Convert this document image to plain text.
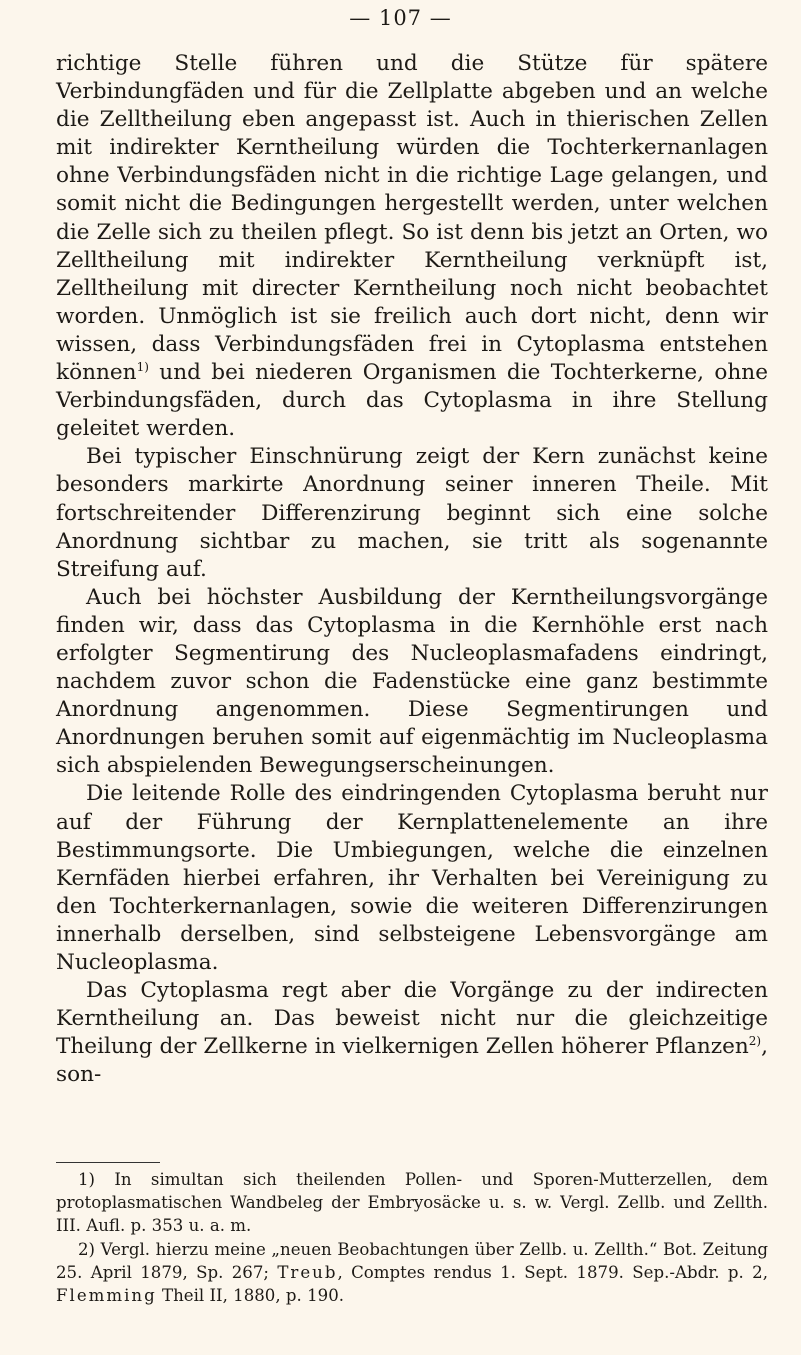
— 107 —

richtige Stelle führen und die Stütze für spätere Verbindungfäden und für die Zellplatte abgeben und an welche die Zelltheilung eben angepasst ist. Auch in thierischen Zellen mit indirekter Kerntheilung würden die Tochterkernanlagen ohne Verbindungsfäden nicht in die richtige Lage gelangen, und somit nicht die Bedingungen hergestellt werden, unter welchen die Zelle sich zu theilen pflegt. So ist denn bis jetzt an Orten, wo Zelltheilung mit indirekter Kerntheilung verknüpft ist, Zelltheilung mit directer Kerntheilung noch nicht beobachtet worden. Unmöglich ist sie freilich auch dort nicht, denn wir wissen, dass Verbindungsfäden frei in Cytoplasma entstehen können$^{1)}$ und bei niederen Organismen die Tochterkerne, ohne Verbindungsfäden, durch das Cytoplasma in ihre Stellung geleitet werden.

Bei typischer Einschnürung zeigt der Kern zunächst keine besonders markirte Anordnung seiner inneren Theile. Mit fortschreitender Differenzirung beginnt sich eine solche Anordnung sichtbar zu machen, sie tritt als sogenannte Streifung auf.

Auch bei höchster Ausbildung der Kerntheilungsvorgänge finden wir, dass das Cytoplasma in die Kernhöhle erst nach erfolgter Segmentirung des Nucleoplasmafadens eindringt, nachdem zuvor schon die Fadenstücke eine ganz bestimmte Anordnung angenommen. Diese Segmentirungen und Anordnungen beruhen somit auf eigenmächtig im Nucleoplasma sich abspielenden Bewegungserscheinungen.

Die leitende Rolle des eindringenden Cytoplasma beruht nur auf der Führung der Kernplattenelemente an ihre Bestimmungsorte. Die Umbiegungen, welche die einzelnen Kernfäden hierbei erfahren, ihr Verhalten bei Vereinigung zu den Tochterkernanlagen, sowie die weiteren Differenzirungen innerhalb derselben, sind selbsteigene Lebensvorgänge am Nucleoplasma.

Das Cytoplasma regt aber die Vorgänge zu der indirecten Kerntheilung an. Das beweist nicht nur die gleichzeitige Theilung der Zellkerne in vielkernigen Zellen höherer Pflanzen$^{2)}$, son-

1) In simultan sich theilenden Pollen- und Sporen-Mutterzellen, dem protoplasmatischen Wandbeleg der Embryosäcke u. s. w. Vergl. Zellb. und Zellth. III. Aufl. p. 353 u. a. m.

2) Vergl. hierzu meine „neuen Beobachtungen über Zellb. u. Zellth.“ Bot. Zeitung 25. April 1879, Sp. 267; Treub, Comptes rendus 1. Sept. 1879. Sep.-Abdr. p. 2, Flemming Theil II, 1880, p. 190.
